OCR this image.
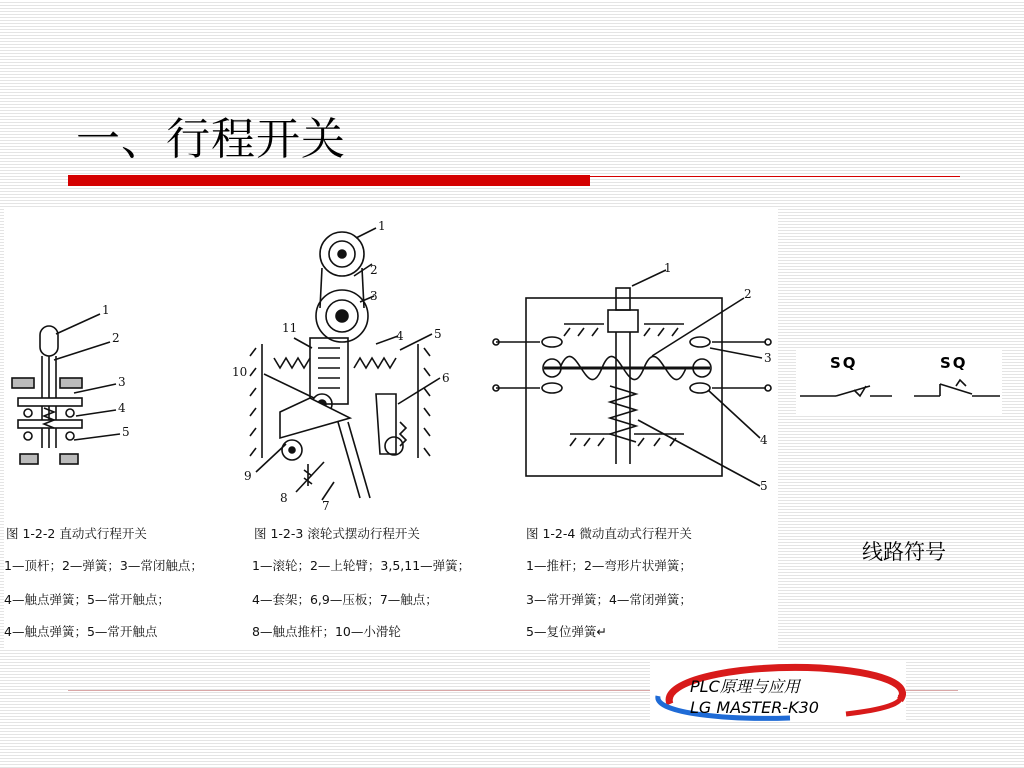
一、行程开关
1
2
3
4
5
1
2
3
4	5
6
7
8
9
10
11
1
2
3
4
5
图 1-2-2 直动式行程开关
1—顶杆；2—弹簧；3—常闭触点；
4—触点弹簧；5—常开触点；
4—触点弹簧；5—常开触点
图 1-2-3 滚轮式摆动行程开关
1—滚轮；2—上轮臂；3,5,11—弹簧；
4—套架；6,9—压板；7—触点；
8—触点推杆；10—小滑轮
图 1-2-4 微动直动式行程开关
1—推杆；2—弯形片状弹簧；
3—常开弹簧；4—常闭弹簧；
5—复位弹簧↵
SQ	SQ
线路符号
PLC原理与应用
LG MASTER-K30
